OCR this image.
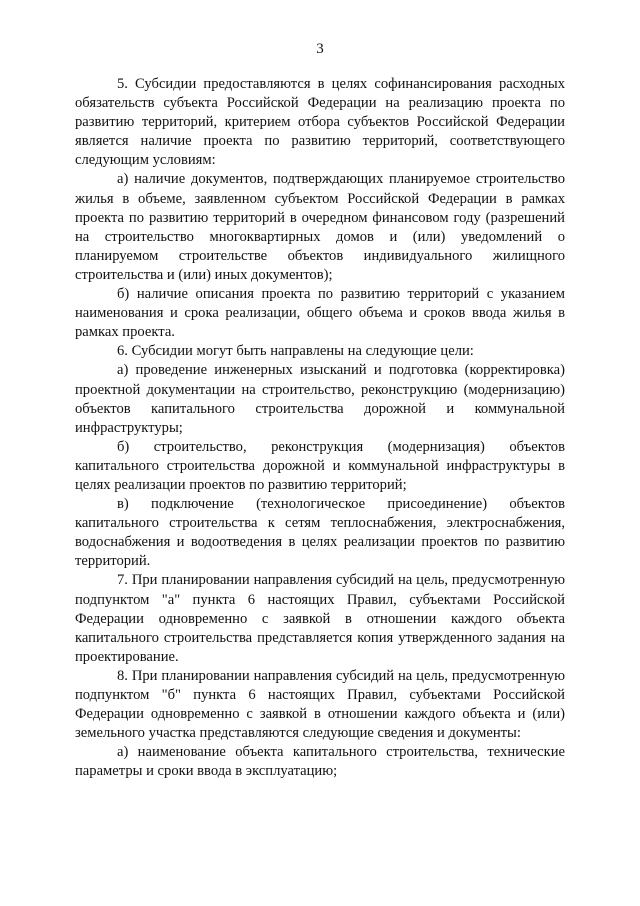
3

5. Субсидии предоставляются в целях софинансирования расходных обязательств субъекта Российской Федерации на реализацию проекта по развитию территорий, критерием отбора субъектов Российской Федерации является наличие проекта по развитию территорий, соответствующего следующим условиям:

а) наличие документов, подтверждающих планируемое строительство жилья в объеме, заявленном субъектом Российской Федерации в рамках проекта по развитию территорий в очередном финансовом году (разрешений на строительство многоквартирных домов и (или) уведомлений о планируемом строительстве объектов индивидуального жилищного строительства и (или) иных документов);

б) наличие описания проекта по развитию территорий с указанием наименования и срока реализации, общего объема и сроков ввода жилья в рамках проекта.

6. Субсидии могут быть направлены на следующие цели:

а) проведение инженерных изысканий и подготовка (корректировка) проектной документации на строительство, реконструкцию (модернизацию) объектов капитального строительства дорожной и коммунальной инфраструктуры;

б) строительство, реконструкция (модернизация) объектов капитального строительства дорожной и коммунальной инфраструктуры в целях реализации проектов по развитию территорий;

в) подключение (технологическое присоединение) объектов капитального строительства к сетям теплоснабжения, электроснабжения, водоснабжения и водоотведения в целях реализации проектов по развитию территорий.

7. При планировании направления субсидий на цель, предусмотренную подпунктом "а" пункта 6 настоящих Правил, субъектами Российской Федерации одновременно с заявкой в отношении каждого объекта капитального строительства представляется копия утвержденного задания на проектирование.

8. При планировании направления субсидий на цель, предусмотренную подпунктом "б" пункта 6 настоящих Правил, субъектами Российской Федерации одновременно с заявкой в отношении каждого объекта и (или) земельного участка представляются следующие сведения и документы:

а) наименование объекта капитального строительства, технические параметры и сроки ввода в эксплуатацию;
